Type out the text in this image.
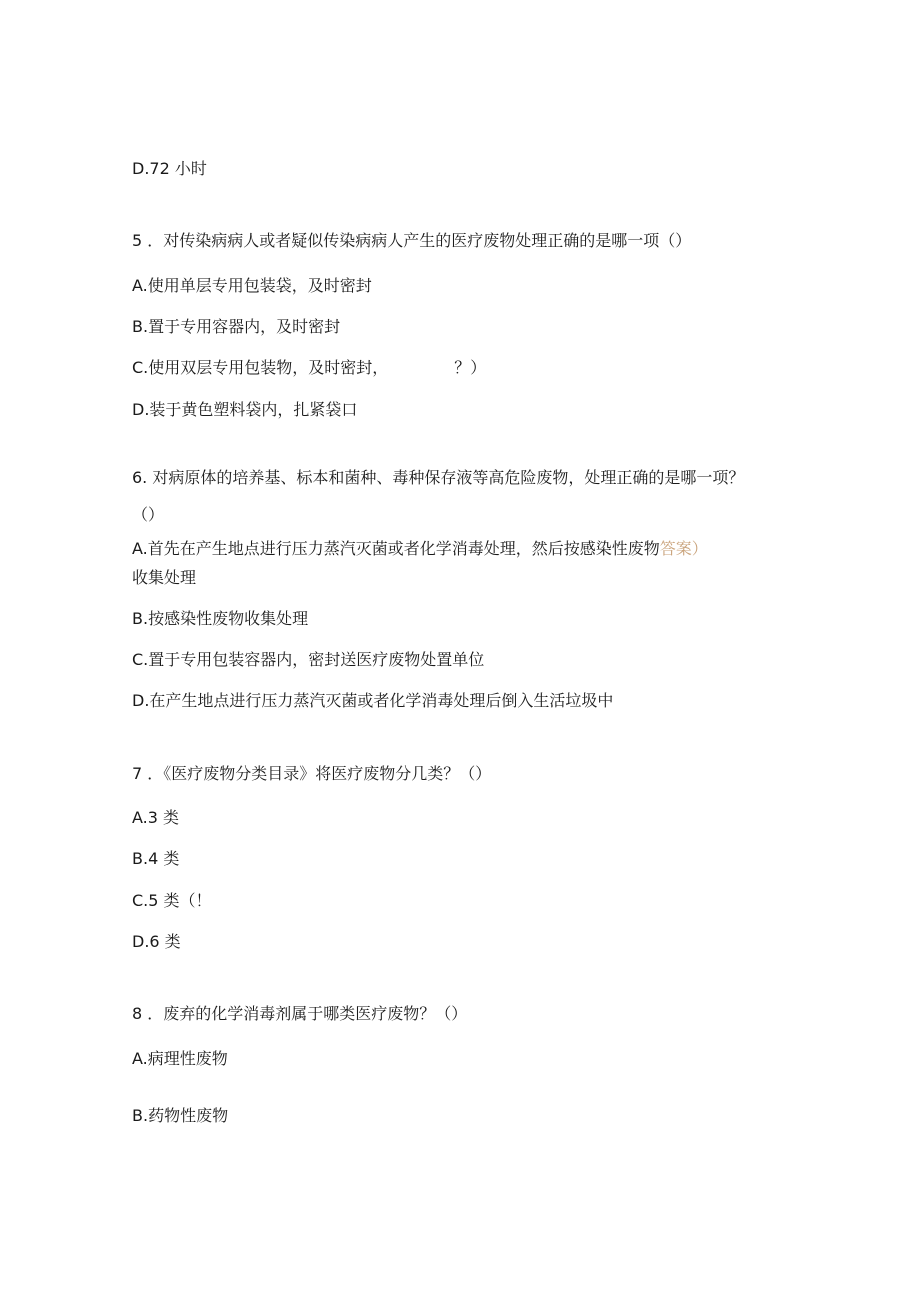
D.72 小时

5 ．对传染病病人或者疑似传染病病人产生的医疗废物处理正确的是哪一项（）

A.使用单层专用包装袋，及时密封

B.置于专用容器内，及时密封

C.使用双层专用包装物，及时密封，	？）

D.装于黄色塑料袋内，扎紧袋口

6. 对病原体的培养基、标本和菌种、毒种保存液等高危险废物，处理正确的是哪一项？

（）

A.首先在产生地点进行压力蒸汽灭菌或者化学消毒处理，然后按感染性废物答案）

收集处理

B.按感染性废物收集处理

C.置于专用包装容器内，密封送医疗废物处置单位

D.在产生地点进行压力蒸汽灭菌或者化学消毒处理后倒入生活垃圾中

7 ．《医疗废物分类目录》将医疗废物分几类？（）

A.3 类

B.4 类

C.5 类（！

D.6 类

8 ．废弃的化学消毒剂属于哪类医疗废物？（）

A.病理性废物

B.药物性废物
